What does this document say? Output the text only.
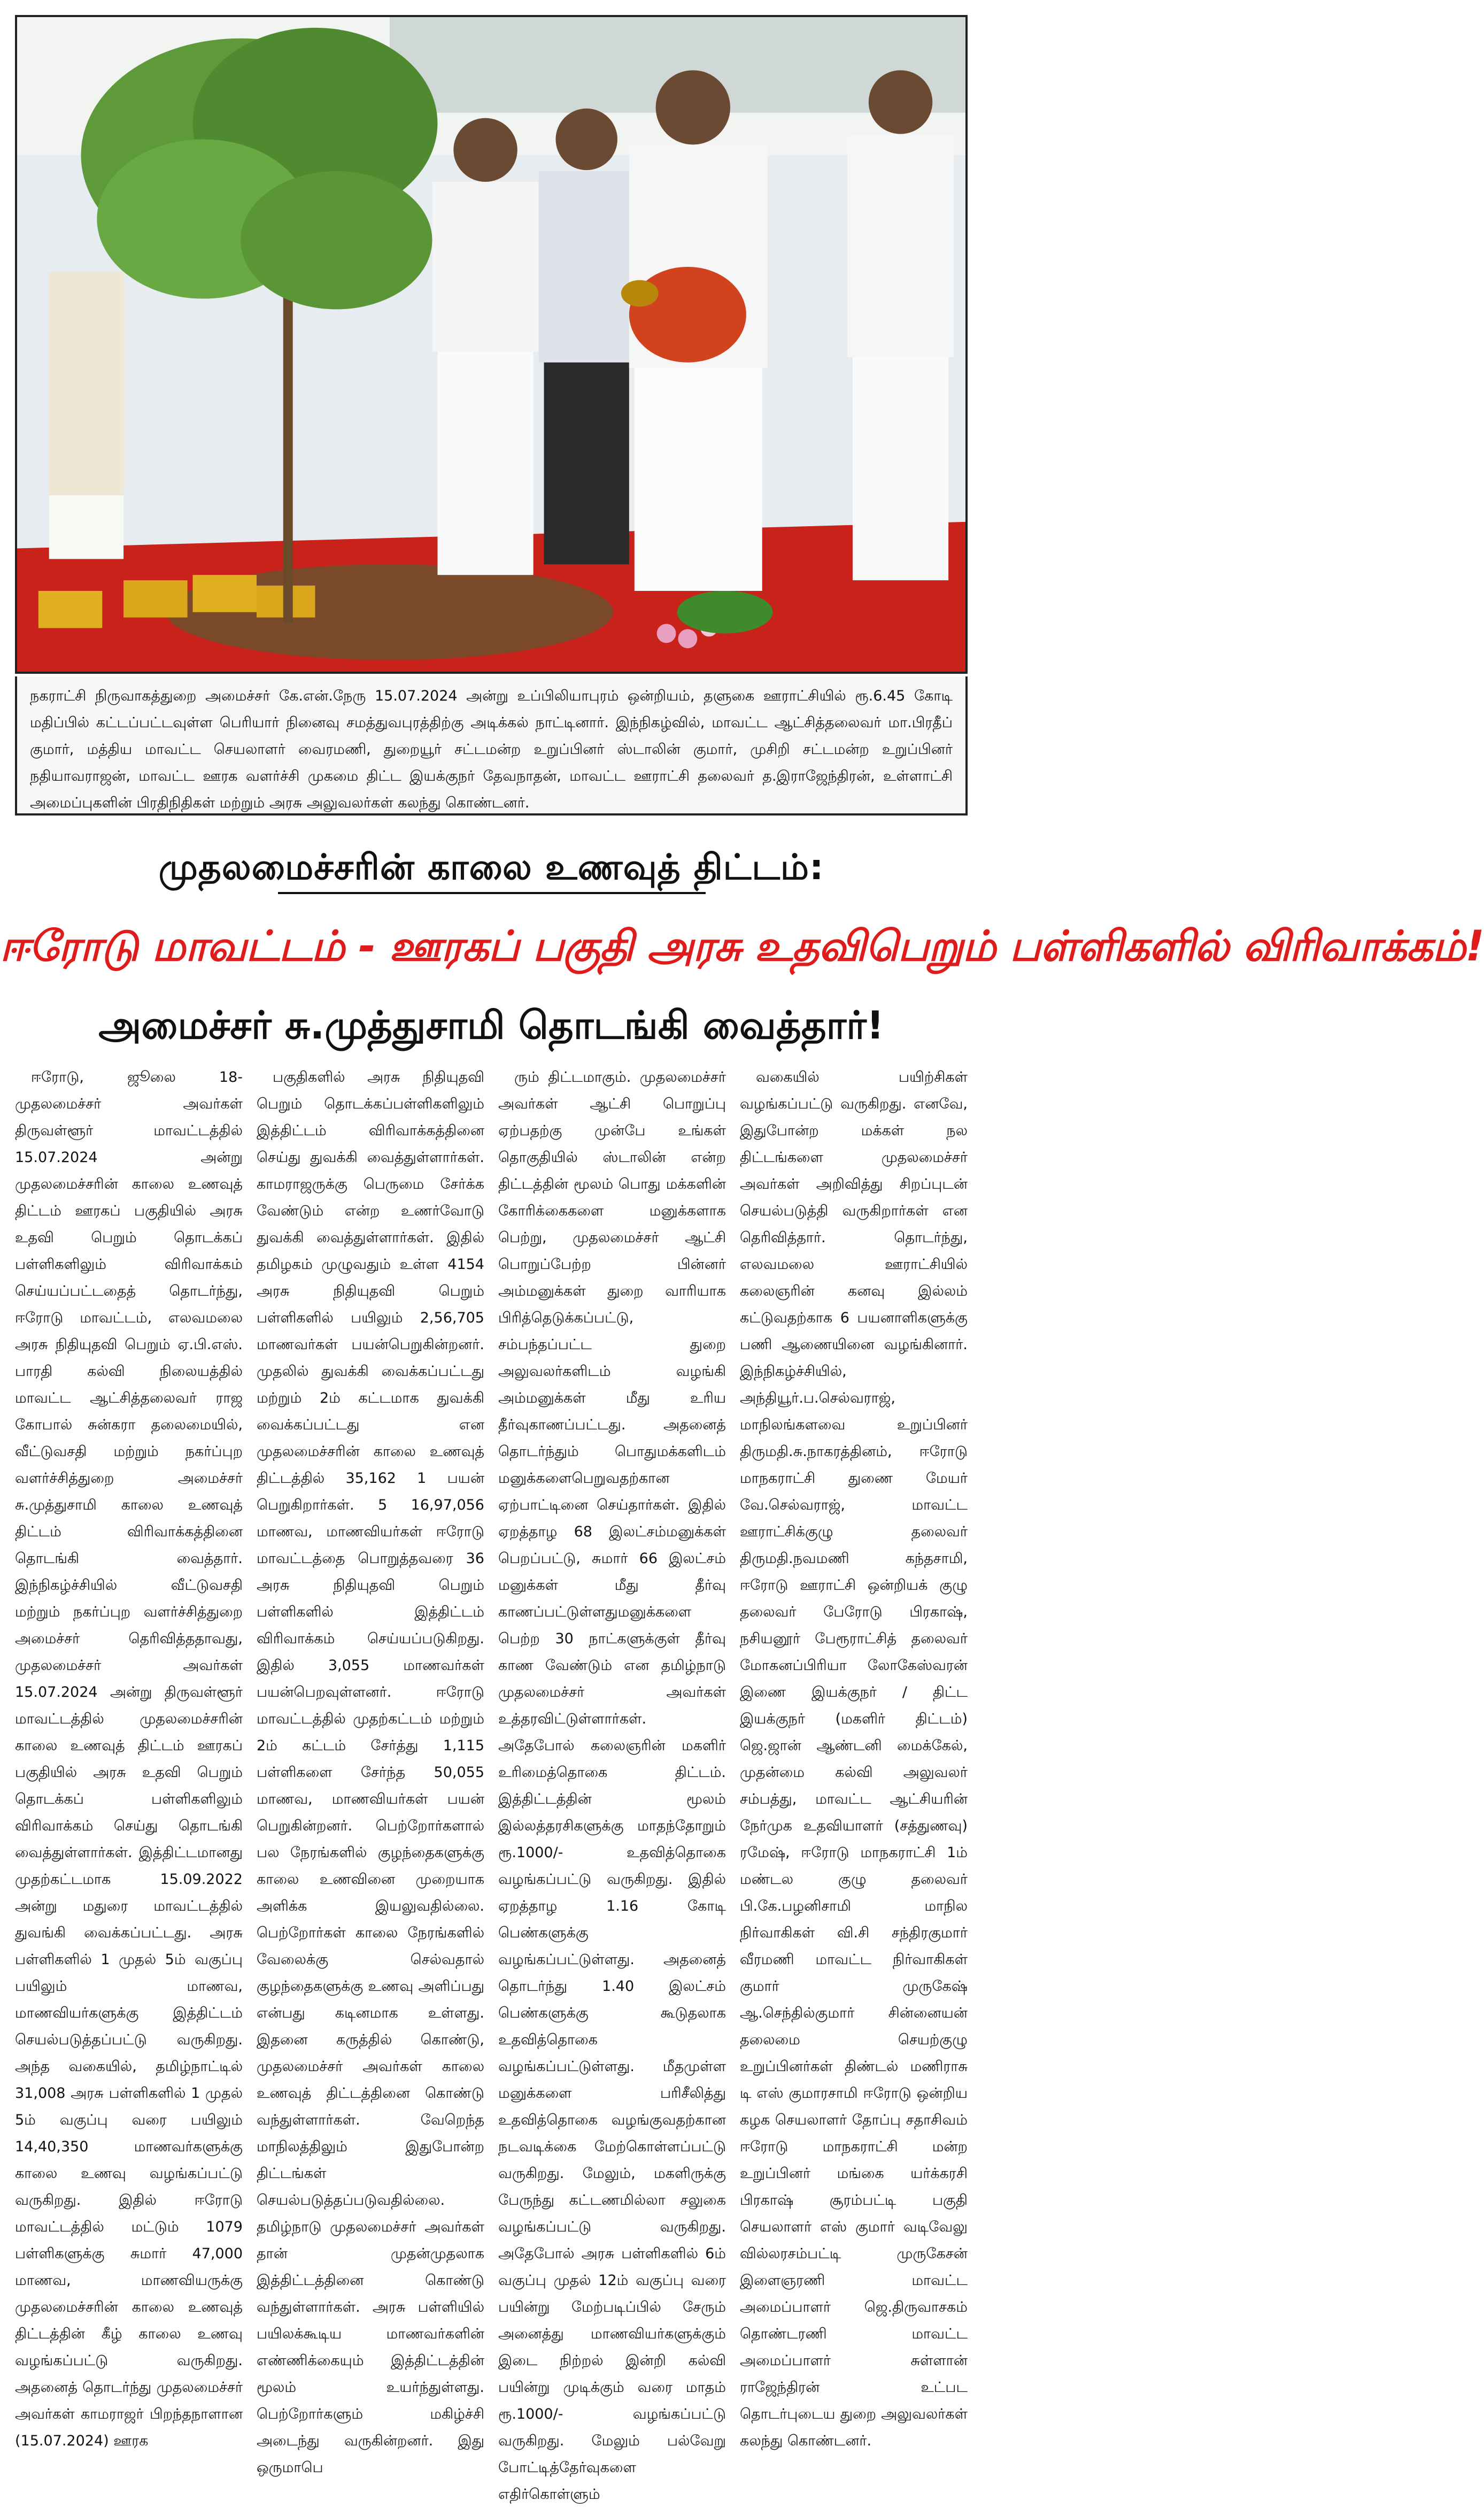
நகராட்சி நிருவாகத்துறை அமைச்சர் கே.என்.நேரு 15.07.2024 அன்று உப்பிலியாபுரம் ஒன்றியம், தளுகை ஊராட்சியில் ரூ.6.45 கோடி மதிப்பில் கட்டப்பட்டவுள்ள பெரியார் நினைவு சமத்துவபுரத்திற்கு அடிக்கல் நாட்டினார். இந்நிகழ்வில், மாவட்ட ஆட்சித்தலைவர் மா.பிரதீப் குமார், மத்திய மாவட்ட செயலாளர் வைரமணி, துறையூர் சட்டமன்ற உறுப்பினர் ஸ்டாலின் குமார், முசிறி சட்டமன்ற உறுப்பினர் நதியாவராஜன், மாவட்ட ஊரக வளர்ச்சி முகமை திட்ட இயக்குநர் தேவநாதன், மாவட்ட ஊராட்சி தலைவர் த.இராஜேந்திரன், உள்ளாட்சி அமைப்புகளின் பிரதிநிதிகள் மற்றும் அரசு அலுவலர்கள் கலந்து கொண்டனர்.
முதலமைச்சரின் காலை உணவுத் திட்டம்:
ஈரோடு மாவட்டம் - ஊரகப் பகுதி அரசு உதவிபெறும் பள்ளிகளில் விரிவாக்கம்!
அமைச்சர் சு.முத்துசாமி தொடங்கி வைத்தார்!

ஈரோடு, ஜூலை 18- முதலமைச்சர் அவர்கள் திருவள்ளூர் மாவட்டத்தில் 15.07.2024 அன்று முதலமைச்சரின் காலை உணவுத் திட்டம் ஊரகப் பகுதியில் அரசு உதவி பெறும் தொடக்கப் பள்ளிகளிலும் விரிவாக்கம் செய்யப்பட்டதைத் தொடர்ந்து, ஈரோடு மாவட்டம், எலவமலை அரசு நிதியுதவி பெறும் ஏ.பி.எஸ். பாரதி கல்வி நிலையத்தில் மாவட்ட ஆட்சித்தலைவர் ராஜ கோபால் சுன்கரா தலைமையில், வீட்டுவசதி மற்றும் நகர்ப்புற வளர்ச்சித்துறை அமைச்சர் சு.முத்துசாமி காலை உணவுத் திட்டம் விரிவாக்கத்தினை தொடங்கி வைத்தார். இந்நிகழ்ச்சியில் வீட்டுவசதி மற்றும் நகர்ப்புற வளர்ச்சித்துறை அமைச்சர் தெரிவித்ததாவது, முதலமைச்சர் அவர்கள் 15.07.2024 அன்று திருவள்ளூர் மாவட்டத்தில் முதலமைச்சரின் காலை உணவுத் திட்டம் ஊரகப் பகுதியில் அரசு உதவி பெறும் தொடக்கப் பள்ளிகளிலும் விரிவாக்கம் செய்து தொடங்கி வைத்துள்ளார்கள். இத்திட்டமானது முதற்கட்டமாக 15.09.2022 அன்று மதுரை மாவட்டத்தில் துவங்கி வைக்கப்பட்டது. அரசு பள்ளிகளில் 1 முதல் 5ம் வகுப்பு பயிலும் மாணவ, மாணவியர்களுக்கு இத்திட்டம் செயல்படுத்தப்பட்டு வருகிறது. அந்த வகையில், தமிழ்நாட்டில் 31,008 அரசு பள்ளிகளில் 1 முதல் 5ம் வகுப்பு வரை பயிலும் 14,40,350 மாணவர்களுக்கு காலை உணவு வழங்கப்பட்டு வருகிறது. இதில் ஈரோடு மாவட்டத்தில் மட்டும் 1079 பள்ளிகளுக்கு சுமார் 47,000 மாணவ, மாணவியருக்கு முதலமைச்சரின் காலை உணவுத் திட்டத்தின் கீழ் காலை உணவு வழங்கப்பட்டு வருகிறது. அதனைத் தொடர்ந்து முதலமைச்சர் அவர்கள் காமராஜர் பிறந்தநாளான (15.07.2024) ஊரக

பகுதிகளில் அரசு நிதியுதவி பெறும் தொடக்கப்பள்ளிகளிலும் இத்திட்டம் விரிவாக்கத்தினை செய்து துவக்கி வைத்துள்ளார்கள். காமராஜருக்கு பெருமை சேர்க்க வேண்டும் என்ற உணர்வோடு துவக்கி வைத்துள்ளார்கள். இதில் தமிழகம் முழுவதும் உள்ள 4154 அரசு நிதியுதவி பெறும் பள்ளிகளில் பயிலும் 2,56,705 மாணவர்கள் பயன்பெறுகின்றனர். முதலில் துவக்கி வைக்கப்பட்டது மற்றும் 2ம் கட்டமாக துவக்கி வைக்கப்பட்டது என முதலமைச்சரின் காலை உணவுத் திட்டத்தில் 35,162 1 பயன் பெறுகிறார்கள். 5 16,97,056 மாணவ, மாணவியர்கள் ஈரோடு மாவட்டத்தை பொறுத்தவரை 36 அரசு நிதியுதவி பெறும் பள்ளிகளில் இத்திட்டம் விரிவாக்கம் செய்யப்படுகிறது. இதில் 3,055 மாணவர்கள் பயன்பெறவுள்ளனர். ஈரோடு மாவட்டத்தில் முதற்கட்டம் மற்றும் 2ம் கட்டம் சேர்த்து 1,115 பள்ளிகளை சேர்ந்த 50,055 மாணவ, மாணவியர்கள் பயன் பெறுகின்றனர். பெற்றோர்களால் பல நேரங்களில் குழந்தைகளுக்கு காலை உணவினை முறையாக அளிக்க இயலுவதில்லை. பெற்றோர்கள் காலை நேரங்களில் வேலைக்கு செல்வதால் குழந்தைகளுக்கு உணவு அளிப்பது என்பது கடினமாக உள்ளது. இதனை கருத்தில் கொண்டு, முதலமைச்சர் அவர்கள் காலை உணவுத் திட்டத்தினை கொண்டு வந்துள்ளார்கள். வேறெந்த மாநிலத்திலும் இதுபோன்ற திட்டங்கள் செயல்படுத்தப்படுவதில்லை. தமிழ்நாடு முதலமைச்சர் அவர்கள் தான் முதன்முதலாக இத்திட்டத்தினை கொண்டு வந்துள்ளார்கள். அரசு பள்ளியில் பயிலக்கூடிய மாணவர்களின் எண்ணிக்கையும் இத்திட்டத்தின் மூலம் உயர்ந்துள்ளது. பெற்றோர்களும் மகிழ்ச்சி அடைந்து வருகின்றனர். இது ஒருமாபெ

ரும் திட்டமாகும். முதலமைச்சர் அவர்கள் ஆட்சி பொறுப்பு ஏற்பதற்கு முன்பே உங்கள் தொகுதியில் ஸ்டாலின் என்ற திட்டத்தின் மூலம் பொது மக்களின் கோரிக்கைகளை மனுக்களாக பெற்று, முதலமைச்சர் ஆட்சி பொறுப்பேற்ற பின்னர் அம்மனுக்கள் துறை வாரியாக பிரித்தெடுக்கப்பட்டு, சம்பந்தப்பட்ட துறை அலுவலர்களிடம் வழங்கி அம்மனுக்கள் மீது உரிய தீர்வுகாணப்பட்டது. அதனைத் தொடர்ந்தும் பொதுமக்களிடம் மனுக்களைபெறுவதற்கான ஏற்பாட்டினை செய்தார்கள். இதில் ஏறத்தாழ 68 இலட்சம்மனுக்கள் பெறப்பட்டு, சுமார் 66 இலட்சம் மனுக்கள் மீது தீர்வு காணப்பட்டுள்ளதுமனுக்களை பெற்ற 30 நாட்களுக்குள் தீர்வு காண வேண்டும் என தமிழ்நாடு முதலமைச்சர் அவர்கள் உத்தரவிட்டுள்ளார்கள். அதேபோல் கலைஞரின் மகளிர் உரிமைத்தொகை திட்டம். இத்திட்டத்தின் மூலம் இல்லத்தரசிகளுக்கு மாதந்தோறும் ரூ.1000/- உதவித்தொகை வழங்கப்பட்டு வருகிறது. இதில் ஏறத்தாழ 1.16 கோடி பெண்களுக்கு வழங்கப்பட்டுள்ளது. அதனைத் தொடர்ந்து 1.40 இலட்சம் பெண்களுக்கு கூடுதலாக உதவித்தொகை வழங்கப்பட்டுள்ளது. மீதமுள்ள மனுக்களை பரிசீலித்து உதவித்தொகை வழங்குவதற்கான நடவடிக்கை மேற்கொள்ளப்பட்டு வருகிறது. மேலும், மகளிருக்கு பேருந்து கட்டணமில்லா சலுகை வழங்கப்பட்டு வருகிறது. அதேபோல் அரசு பள்ளிகளில் 6ம் வகுப்பு முதல் 12ம் வகுப்பு வரை பயின்று மேற்படிப்பில் சேரும் அனைத்து மாணவியர்களுக்கும் இடை நிற்றல் இன்றி கல்வி பயின்று முடிக்கும் வரை மாதம் ரூ.1000/- வழங்கப்பட்டு வருகிறது. மேலும் பல்வேறு போட்டித்தேர்வுகளை எதிர்கொள்ளும்

வகையில் பயிற்சிகள் வழங்கப்பட்டு வருகிறது. எனவே, இதுபோன்ற மக்கள் நல திட்டங்களை முதலமைச்சர் அவர்கள் அறிவித்து சிறப்புடன் செயல்படுத்தி வருகிறார்கள் என தெரிவித்தார். தொடர்ந்து, எலவமலை ஊராட்சியில் கலைஞரின் கனவு இல்லம் கட்டுவதற்காக 6 பயனாளிகளுக்கு பணி ஆணையினை வழங்கினார். இந்நிகழ்ச்சியில், அந்தியூர்.ப.செல்வராஜ், மாநிலங்களவை உறுப்பினர் திருமதி.சு.நாகரத்தினம், ஈரோடு மாநகராட்சி துணை மேயர் வே.செல்வராஜ், மாவட்ட ஊராட்சிக்குழு தலைவர் திருமதி.நவமணி கந்தசாமி, ஈரோடு ஊராட்சி ஒன்றியக் குழு தலைவர் பேரோடு பிரகாஷ், நசியனூர் பேரூராட்சித் தலைவர் மோகனப்பிரியா லோகேஸ்வரன் இணை இயக்குநர் / திட்ட இயக்குநர் (மகளிர் திட்டம்) ஜெ.ஜான் ஆண்டனி மைக்கேல், முதன்மை கல்வி அலுவலர் சம்பத்து, மாவட்ட ஆட்சியரின் நேர்முக உதவியாளர் (சத்துணவு) ரமேஷ், ஈரோடு மாநகராட்சி 1ம் மண்டல குழு தலைவர் பி.கே.பழனிசாமி மாநில நிர்வாகிகள் வி.சி சந்திரகுமார் வீரமணி மாவட்ட நிர்வாகிகள் குமார் முருகேஷ் ஆ.செந்தில்குமார் சின்னையன் தலைமை செயற்குழு உறுப்பினர்கள் திண்டல் மணிராசு டி எஸ் குமாரசாமி ஈரோடு ஒன்றிய கழக செயலாளர் தோப்பு சதாசிவம் ஈரோடு மாநகராட்சி மன்ற உறுப்பினர் மங்கை யர்க்கரசி பிரகாஷ் சூரம்பட்டி பகுதி செயலாளர் எஸ் குமார் வடிவேலு வில்லரசம்பட்டி முருகேசன் இளைஞரணி மாவட்ட அமைப்பாளர் ஜெ.திருவாசகம் தொண்டரணி மாவட்ட அமைப்பாளர் சுள்ளான் ராஜேந்திரன் உட்பட தொடர்புடைய துறை அலுவலர்கள் கலந்து கொண்டனர்.
